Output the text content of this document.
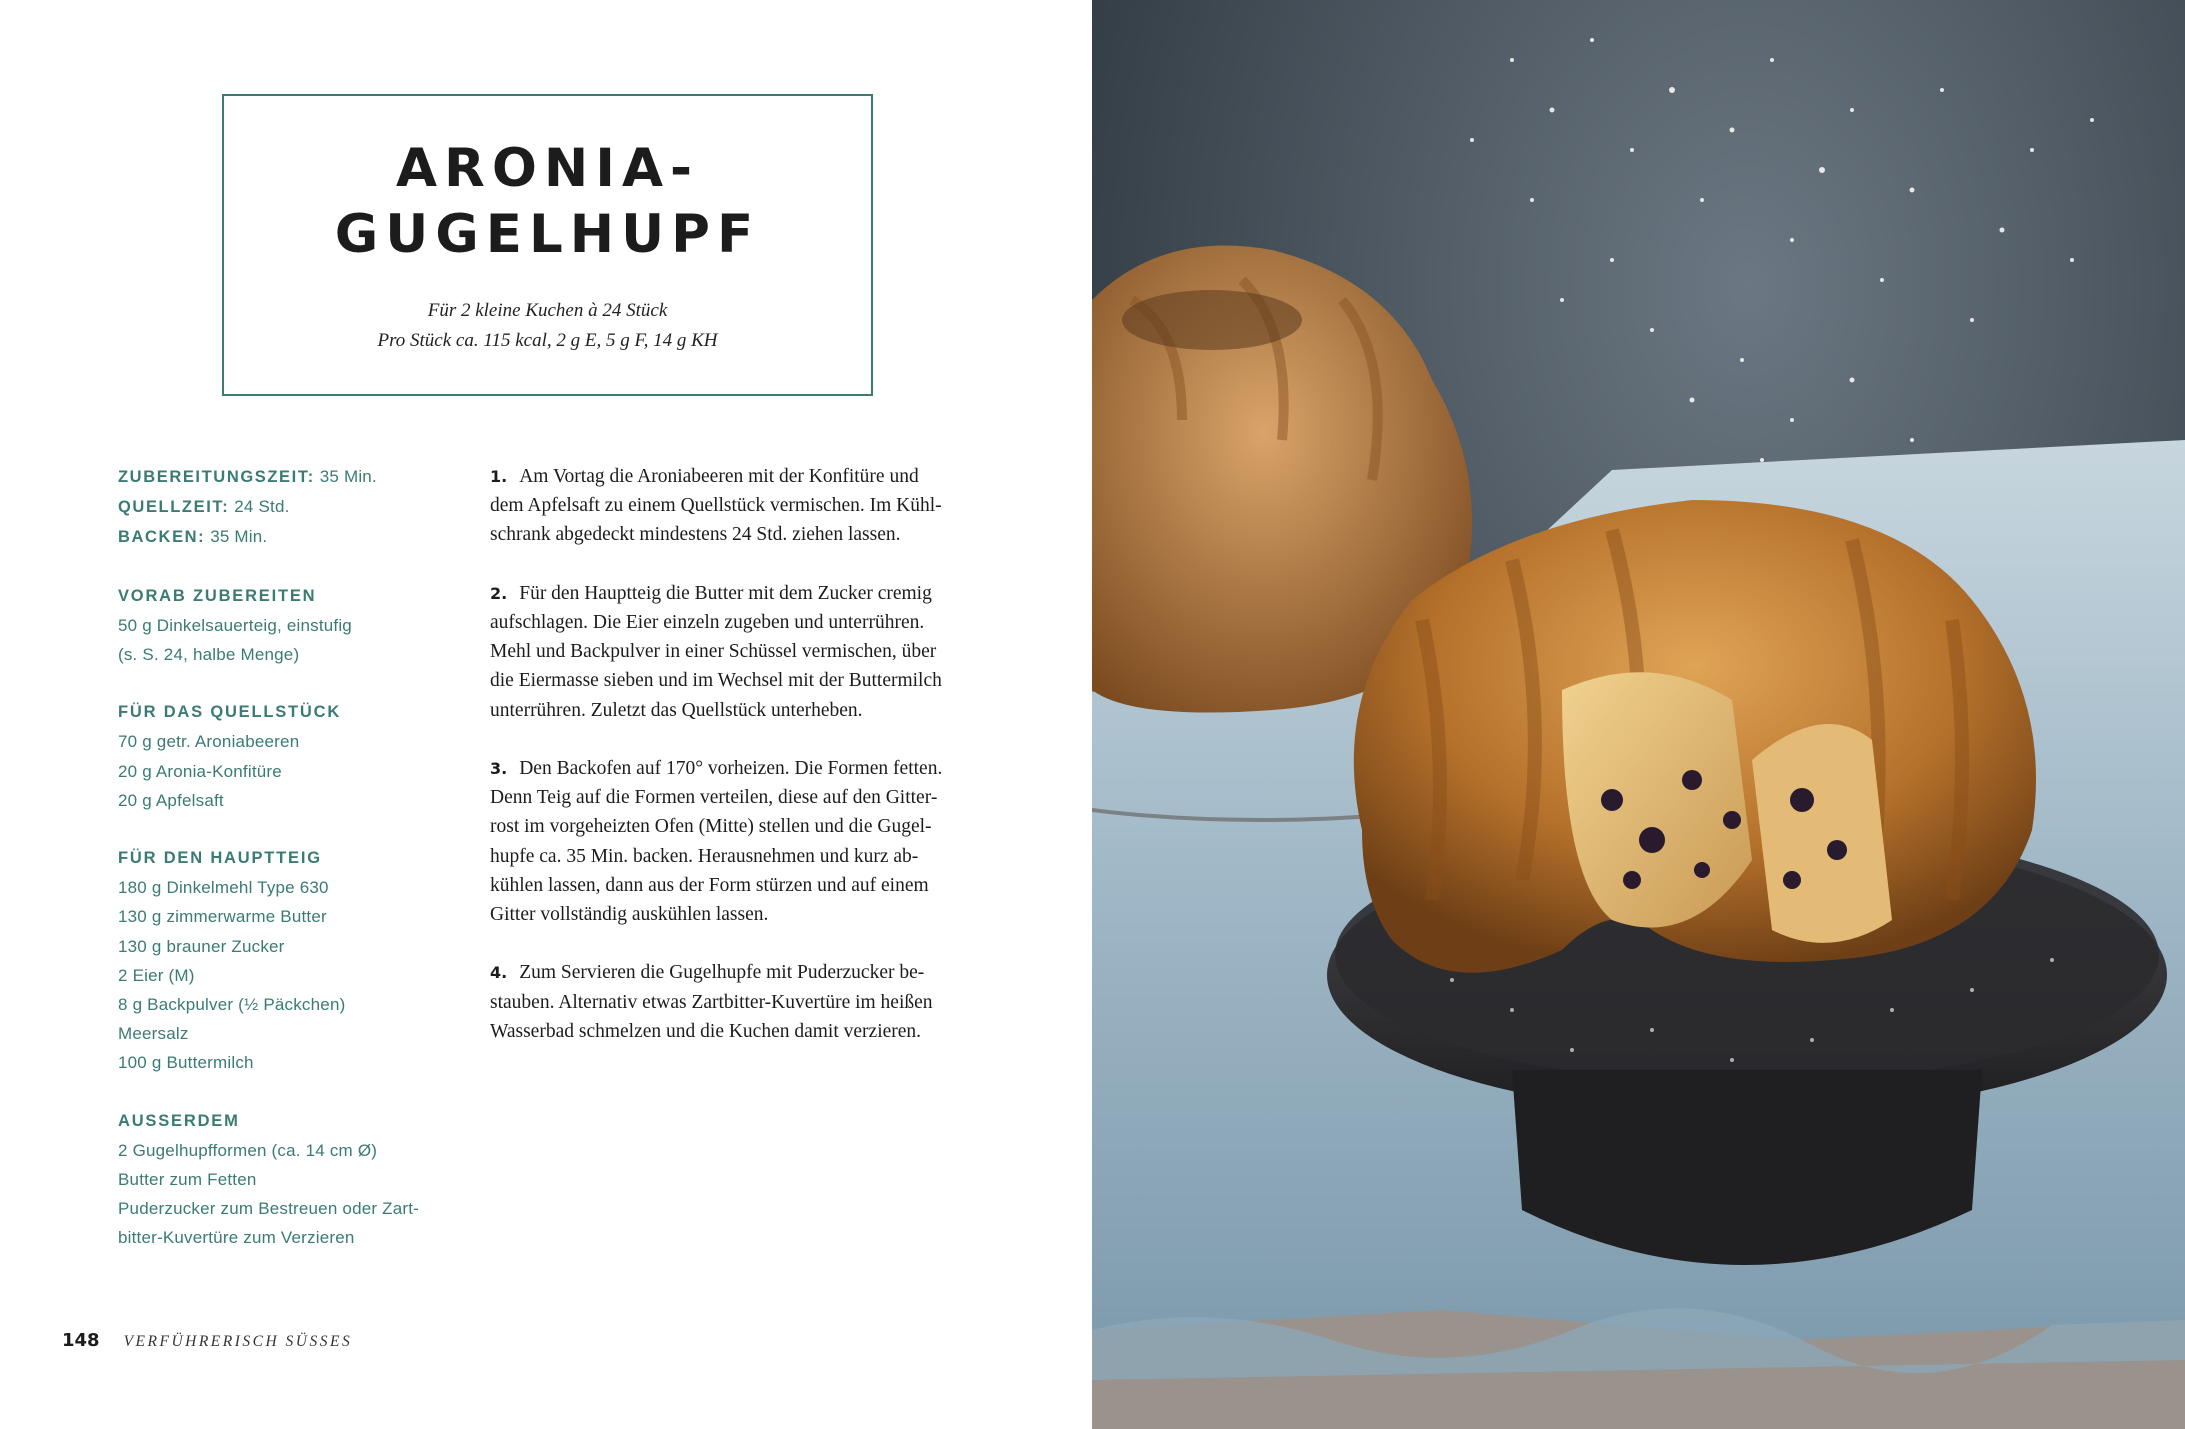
ARONIA-
GUGELHUPF
Für 2 kleine Kuchen à 24 Stück
Pro Stück ca. 115 kcal, 2 g E, 5 g F, 14 g KH
ZUBEREITUNGSZEIT: 35 Min.
QUELLZEIT: 24 Std.
BACKEN: 35 Min.
VORAB ZUBEREITEN
50 g Dinkelsauerteig, einstufig
(s. S. 24, halbe Menge)
FÜR DAS QUELLSTÜCK
70 g getr. Aroniabeeren
20 g Aronia-Konfitüre
20 g Apfelsaft
FÜR DEN HAUPTTEIG
180 g Dinkelmehl Type 630
130 g zimmerwarme Butter
130 g brauner Zucker
2 Eier (M)
8 g Backpulver (½ Päckchen)
Meersalz
100 g Buttermilch
AUSSERDEM
2 Gugelhupfformen (ca. 14 cm Ø)
Butter zum Fetten
Puderzucker zum Bestreuen oder Zart-
bitter-Kuvertüre zum Verzieren
1. Am Vortag die Aroniabeeren mit der Konfitüre und
dem Apfelsaft zu einem Quellstück vermischen. Im Kühl-
schrank abgedeckt mindestens 24 Std. ziehen lassen.
2. Für den Hauptteig die Butter mit dem Zucker cremig
aufschlagen. Die Eier einzeln zugeben und unterrühren.
Mehl und Backpulver in einer Schüssel vermischen, über
die Eiermasse sieben und im Wechsel mit der Buttermilch
unterrühren. Zuletzt das Quellstück unterheben.
3. Den Backofen auf 170° vorheizen. Die Formen fetten.
Denn Teig auf die Formen verteilen, diese auf den Gitter-
rost im vorgeheizten Ofen (Mitte) stellen und die Gugel-
hupfe ca. 35 Min. backen. Herausnehmen und kurz ab-
kühlen lassen, dann aus der Form stürzen und auf einem
Gitter vollständig auskühlen lassen.
4. Zum Servieren die Gugelhupfe mit Puderzucker be-
stauben. Alternativ etwas Zartbitter-Kuvertüre im heißen
Wasserbad schmelzen und die Kuchen damit verzieren.
148 VERFÜHRERISCH SÜSSES
